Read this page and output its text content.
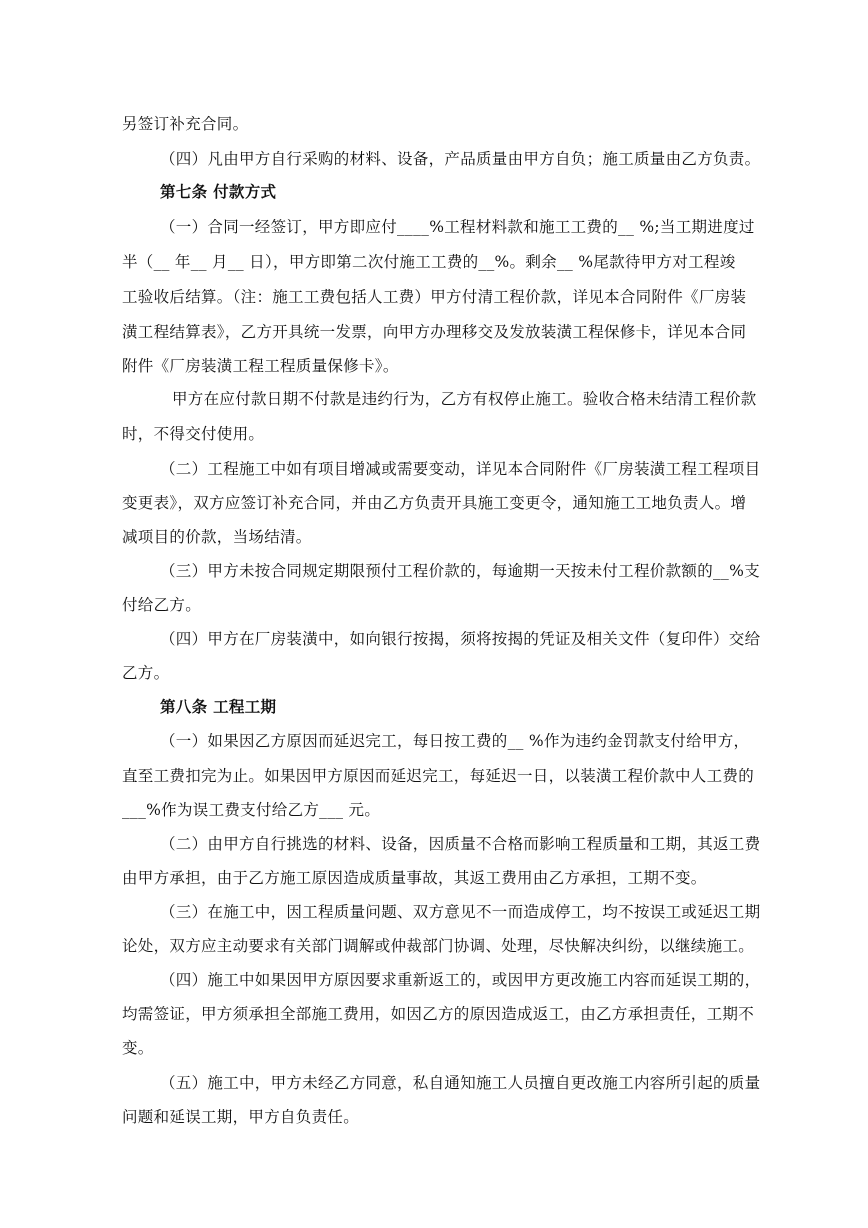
另签订补充合同。
（四）凡由甲方自行采购的材料、设备，产品质量由甲方自负；施工质量由乙方负责。
第七条 付款方式
（一）合同一经签订，甲方即应付____%工程材料款和施工工费的__ %;当工期进度过
半（__ 年__ 月__ 日），甲方即第二次付施工工费的__%。剩余__ %尾款待甲方对工程竣
工验收后结算。（注：施工工费包括人工费）甲方付清工程价款，详见本合同附件《厂房装
潢工程结算表》，乙方开具统一发票，向甲方办理移交及发放装潢工程保修卡，详见本合同
附件《厂房装潢工程工程质量保修卡》。
甲方在应付款日期不付款是违约行为，乙方有权停止施工。验收合格未结清工程价款
时，不得交付使用。
（二）工程施工中如有项目增减或需要变动，详见本合同附件《厂房装潢工程工程项目
变更表》，双方应签订补充合同，并由乙方负责开具施工变更令，通知施工工地负责人。增
减项目的价款，当场结清。
（三）甲方未按合同规定期限预付工程价款的，每逾期一天按未付工程价款额的__%支
付给乙方。
（四）甲方在厂房装潢中，如向银行按揭，须将按揭的凭证及相关文件（复印件）交给
乙方。
第八条 工程工期
（一）如果因乙方原因而延迟完工，每日按工费的__ %作为违约金罚款支付给甲方，
直至工费扣完为止。如果因甲方原因而延迟完工，每延迟一日，以装潢工程价款中人工费的
___%作为误工费支付给乙方___ 元。
（二）由甲方自行挑选的材料、设备，因质量不合格而影响工程质量和工期，其返工费
由甲方承担，由于乙方施工原因造成质量事故，其返工费用由乙方承担，工期不变。
（三）在施工中，因工程质量问题、双方意见不一而造成停工，均不按误工或延迟工期
论处，双方应主动要求有关部门调解或仲裁部门协调、处理，尽快解决纠纷，以继续施工。
（四）施工中如果因甲方原因要求重新返工的，或因甲方更改施工内容而延误工期的，
均需签证，甲方须承担全部施工费用，如因乙方的原因造成返工，由乙方承担责任，工期不
变。
（五）施工中，甲方未经乙方同意，私自通知施工人员擅自更改施工内容所引起的质量
问题和延误工期，甲方自负责任。
